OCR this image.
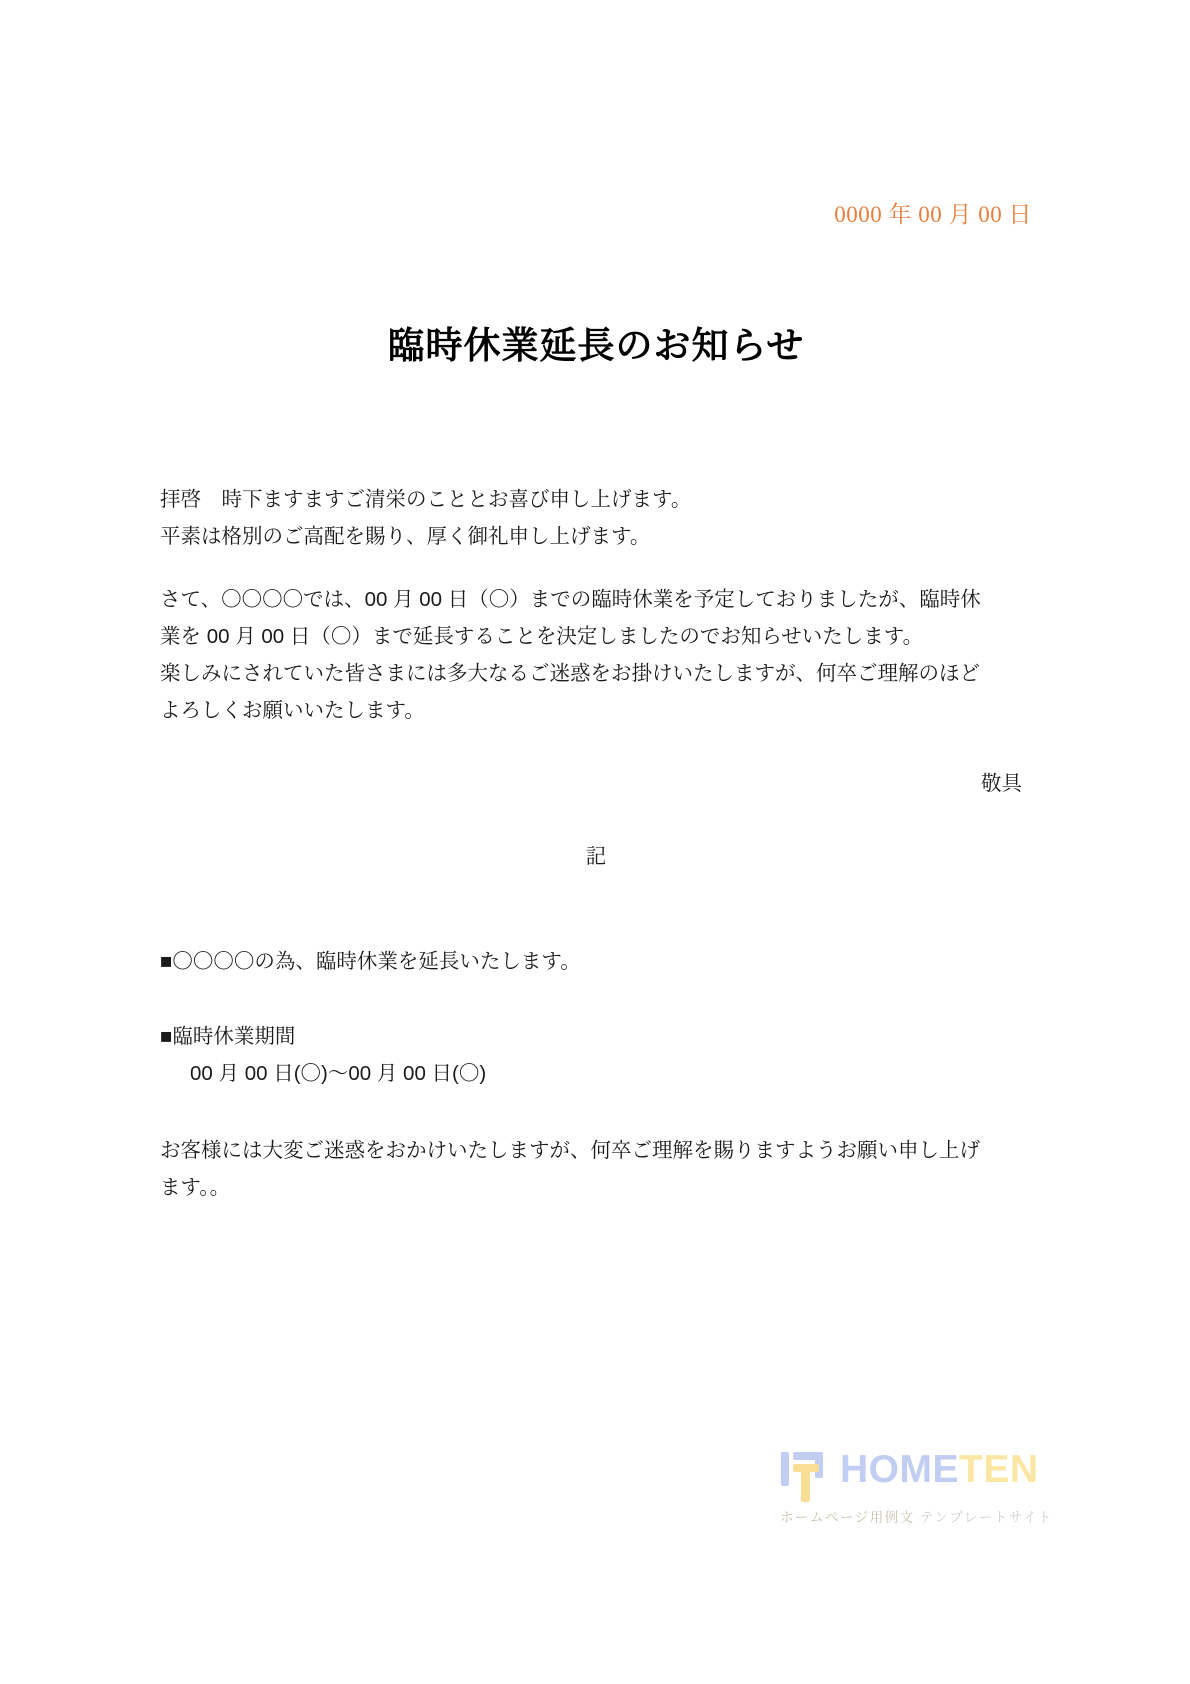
0000 年 00 月 00 日
臨時休業延長のお知らせ
拝啓　時下ますますご清栄のこととお喜び申し上げます。
平素は格別のご高配を賜り、厚く御礼申し上げます。
さて、〇〇〇〇では、00 月 00 日（〇）までの臨時休業を予定しておりましたが、臨時休
業を 00 月 00 日（〇）まで延長することを決定しましたのでお知らせいたします。
楽しみにされていた皆さまには多大なるご迷惑をお掛けいたしますが、何卒ご理解のほど
よろしくお願いいたします。
敬具
記
■〇〇〇〇の為、臨時休業を延長いたします。
■臨時休業期間
00 月 00 日(〇)～00 月 00 日(〇)
お客様には大変ご迷惑をおかけいたしますが、何卒ご理解を賜りますようお願い申し上げ
ます。。
HOMETEN
ホームページ用例文 テンプレートサイト
